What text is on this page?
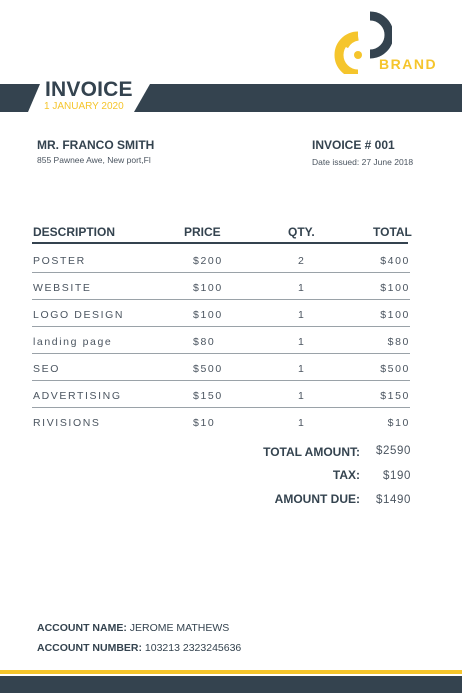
BRAND
INVOICE
1 JANUARY 2020
MR. FRANCO SMITH
855 Pawnee Awe, New port,Fl
INVOICE # 001
Date issued: 27 June 2018
DESCRIPTION	PRICE	QTY.	TOTAL
POSTER	$200	2	$400
WEBSITE	$100	1	$100
LOGO DESIGN	$100	1	$100
landing page	$80	1	$80
SEO	$500	1	$500
ADVERTISING	$150	1	$150
RIVISIONS	$10	1	$10
TOTAL AMOUNT:	$2590
TAX:	$190
AMOUNT DUE:	$1490
ACCOUNT NAME: JEROME MATHEWS
ACCOUNT NUMBER: 103213 2323245636
